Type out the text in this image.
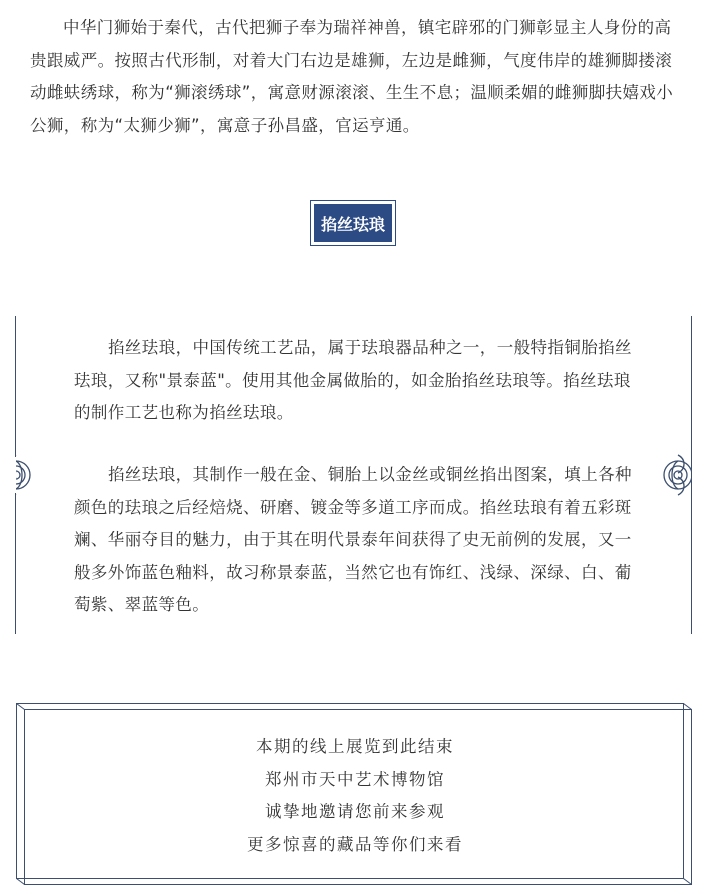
中华门狮始于秦代，古代把狮子奉为瑞祥神兽，镇宅辟邪的门狮彰显主人身份的高贵跟威严。按照古代形制，对着大门右边是雄狮，左边是雌狮，气度伟岸的雄狮脚搂滚动雌蚨绣球，称为“狮滚绣球”，寓意财源滚滚、生生不息；温顺柔媚的雌狮脚扶嬉戏小公狮，称为“太狮少狮”，寓意子孙昌盛，官运亨通。

掐丝珐琅

掐丝珐琅，中国传统工艺品，属于珐琅器品种之一，一般特指铜胎掐丝珐琅，又称"景泰蓝"。使用其他金属做胎的，如金胎掐丝珐琅等。掐丝珐琅的制作工艺也称为掐丝珐琅。

掐丝珐琅，其制作一般在金、铜胎上以金丝或铜丝掐出图案，填上各种颜色的珐琅之后经焙烧、研磨、镀金等多道工序而成。掐丝珐琅有着五彩斑斓、华丽夺目的魅力，由于其在明代景泰年间获得了史无前例的发展，又一般多外饰蓝色釉料，故习称景泰蓝，当然它也有饰红、浅绿、深绿、白、葡萄紫、翠蓝等色。

本期的线上展览到此结束
郑州市天中艺术博物馆
诚挚地邀请您前来参观
更多惊喜的藏品等你们来看
